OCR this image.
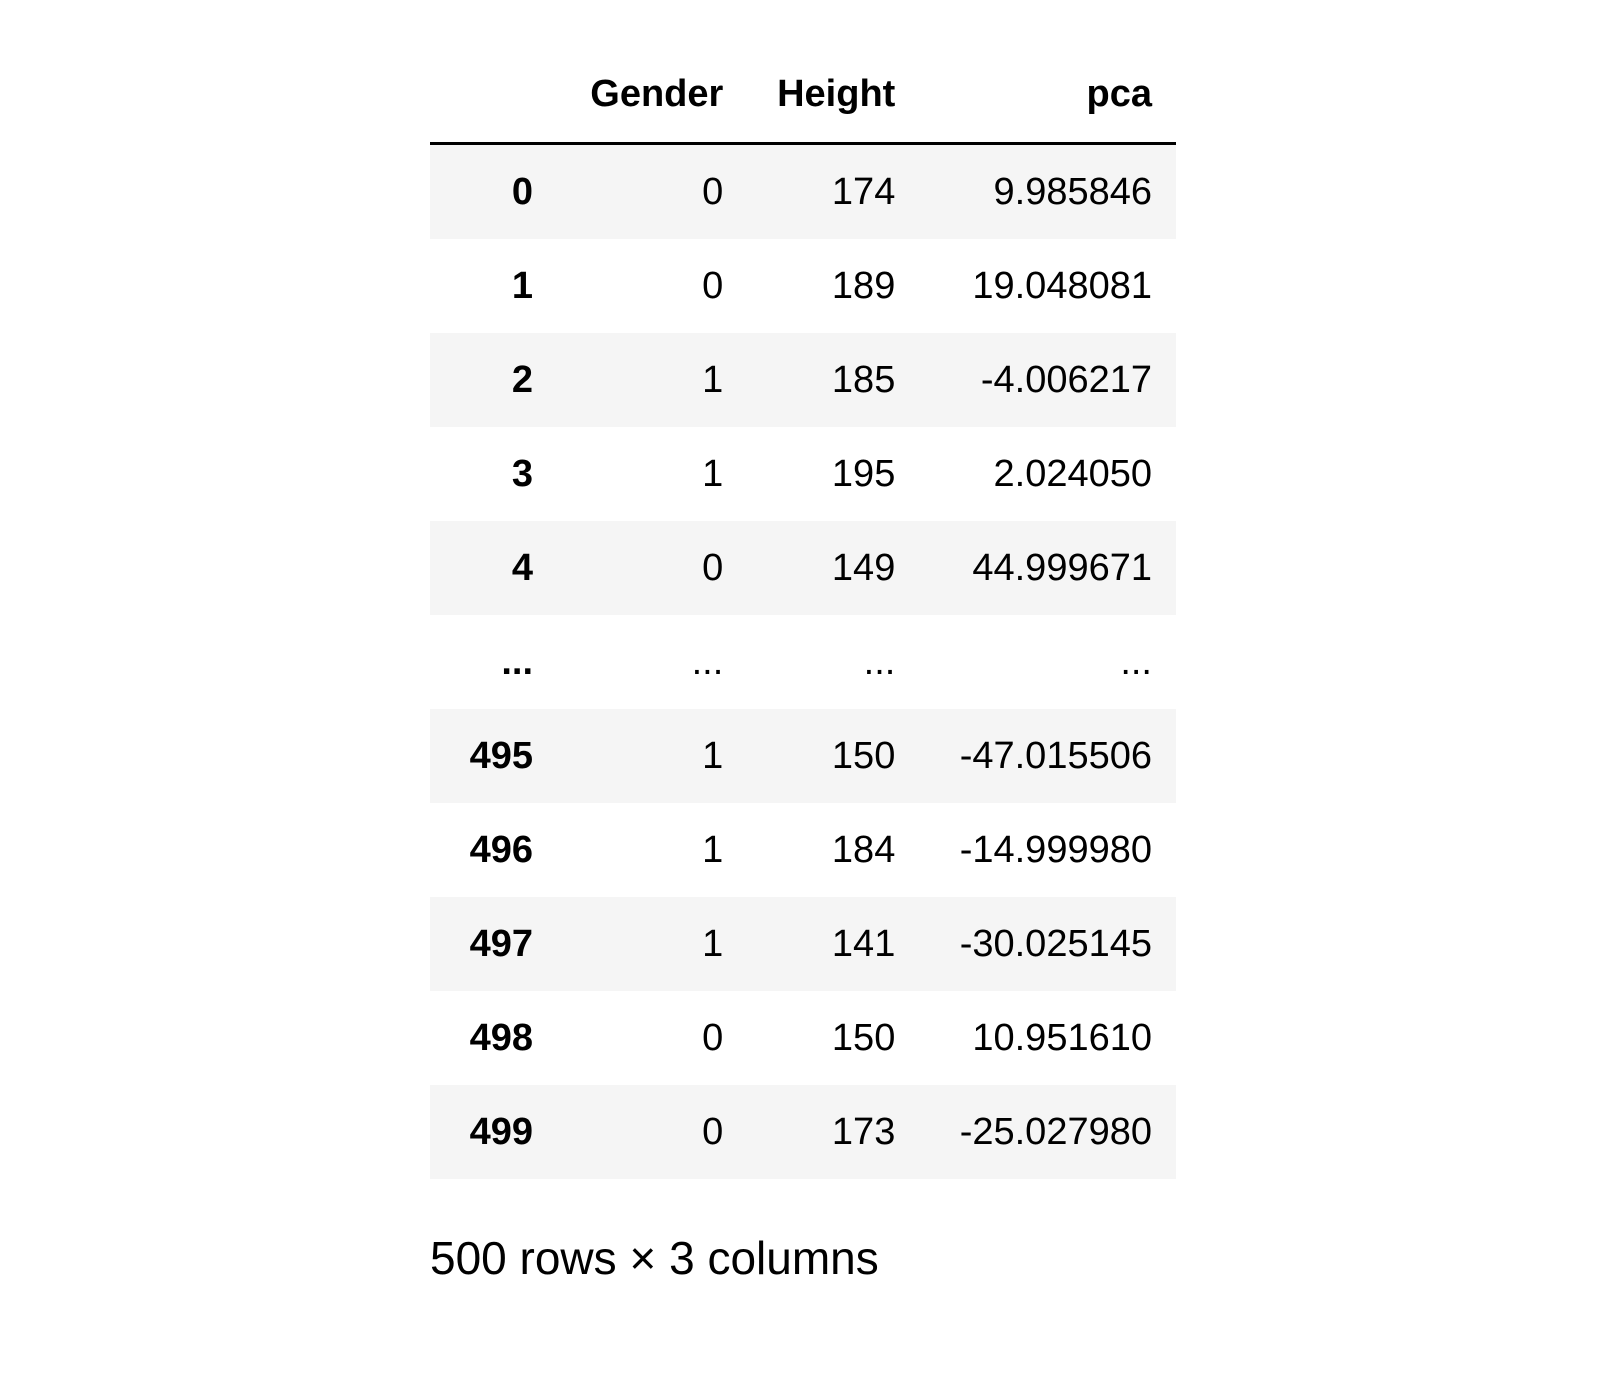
	Gender	Height	pca
0	0	174	9.985846
1	0	189	19.048081
2	1	185	-4.006217
3	1	195	2.024050
4	0	149	44.999671
...	...	...	...
495	1	150	-47.015506
496	1	184	-14.999980
497	1	141	-30.025145
498	0	150	10.951610
499	0	173	-25.027980
500 rows × 3 columns
